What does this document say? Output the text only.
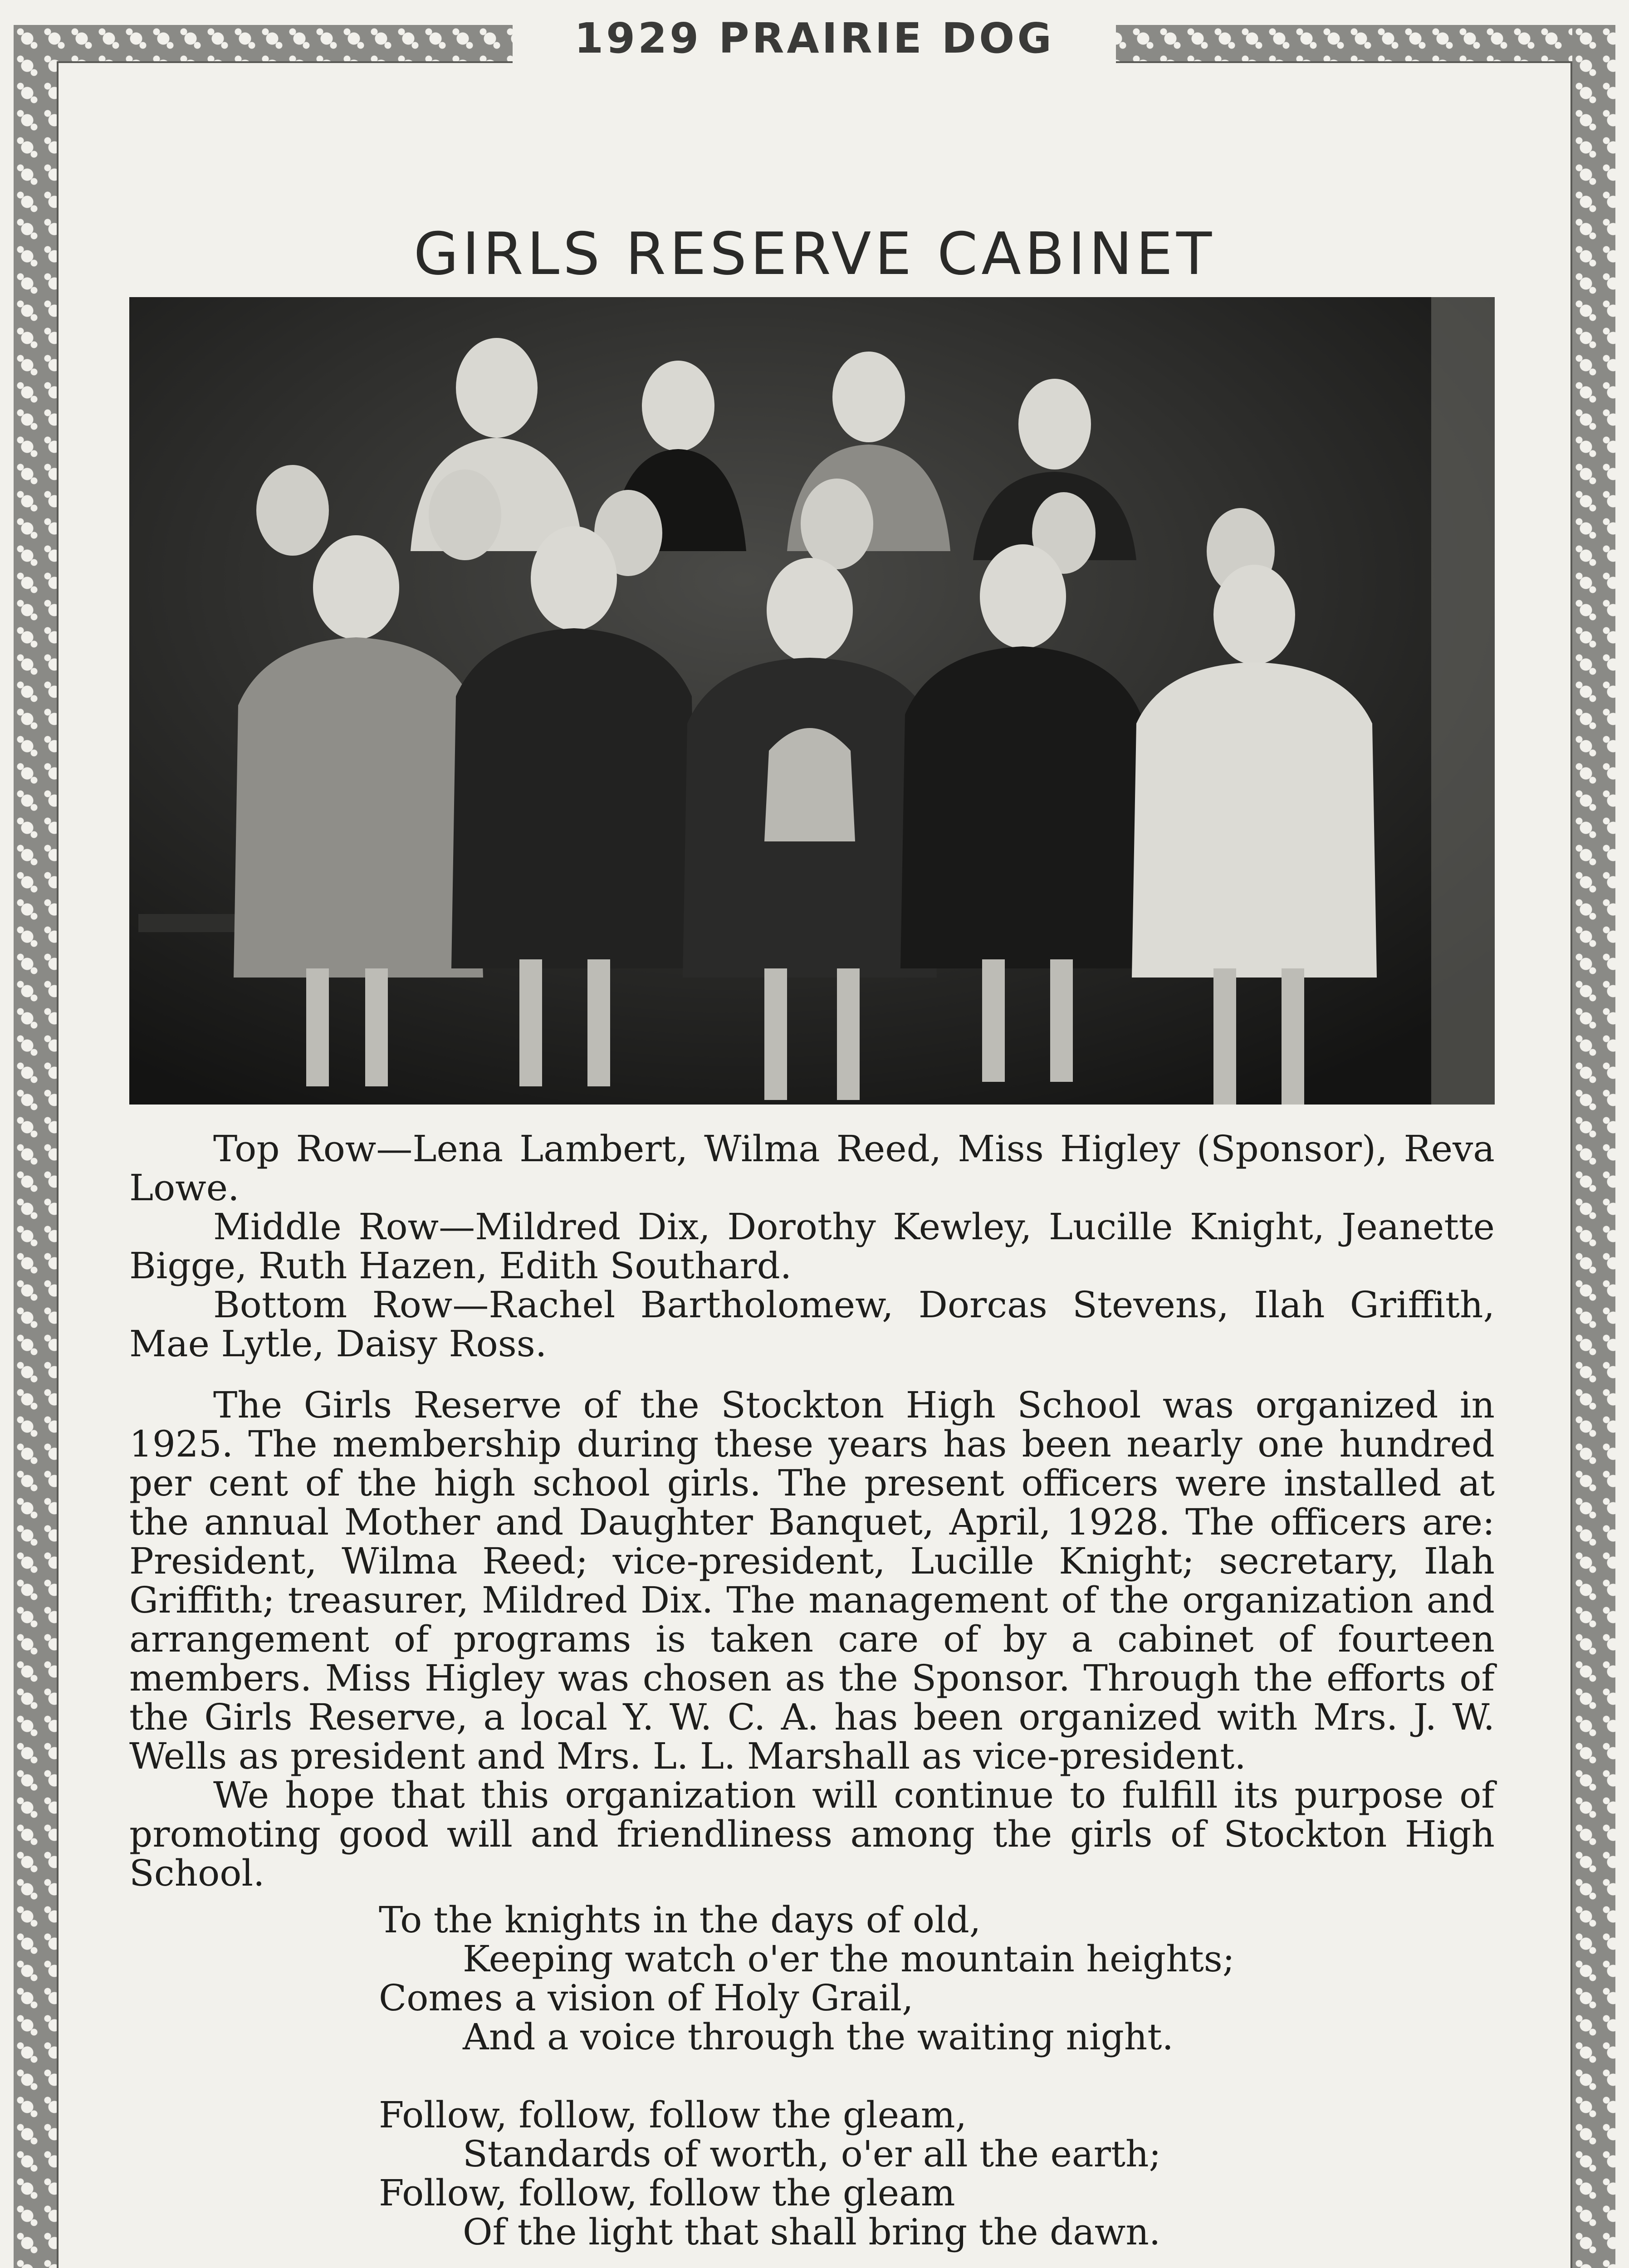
1929 PRAIRIE DOG
GIRLS RESERVE CABINET

Top Row—Lena Lambert, Wilma Reed, Miss Higley (Sponsor), Reva Lowe.

Middle Row—Mildred Dix, Dorothy Kewley, Lucille Knight, Jeanette Bigge, Ruth Hazen, Edith Southard.

Bottom Row—Rachel Bartholomew, Dorcas Stevens, Ilah Griffith, Mae Lytle, Daisy Ross.

The Girls Reserve of the Stockton High School was organized in 1925. The membership during these years has been nearly one hundred per cent of the high school girls. The present officers were installed at the annual Mother and Daughter Banquet, April, 1928. The officers are: President, Wilma Reed; vice-president, Lucille Knight; secretary, Ilah Griffith; treasurer, Mildred Dix. The management of the organization and arrangement of programs is taken care of by a cabinet of fourteen members. Miss Higley was chosen as the Sponsor. Through the efforts of the Girls Reserve, a local Y. W. C. A. has been organized with Mrs. J. W. Wells as president and Mrs. L. L. Marshall as vice-president.

We hope that this organization will continue to fulfill its purpose of promoting good will and friendliness among the girls of Stockton High School.

To the knights in the days of old,
Keeping watch o'er the mountain heights;
Comes a vision of Holy Grail,
And a voice through the waiting night.
Follow, follow, follow the gleam,
Standards of worth, o'er all the earth;
Follow, follow, follow the gleam
Of the light that shall bring the dawn.
